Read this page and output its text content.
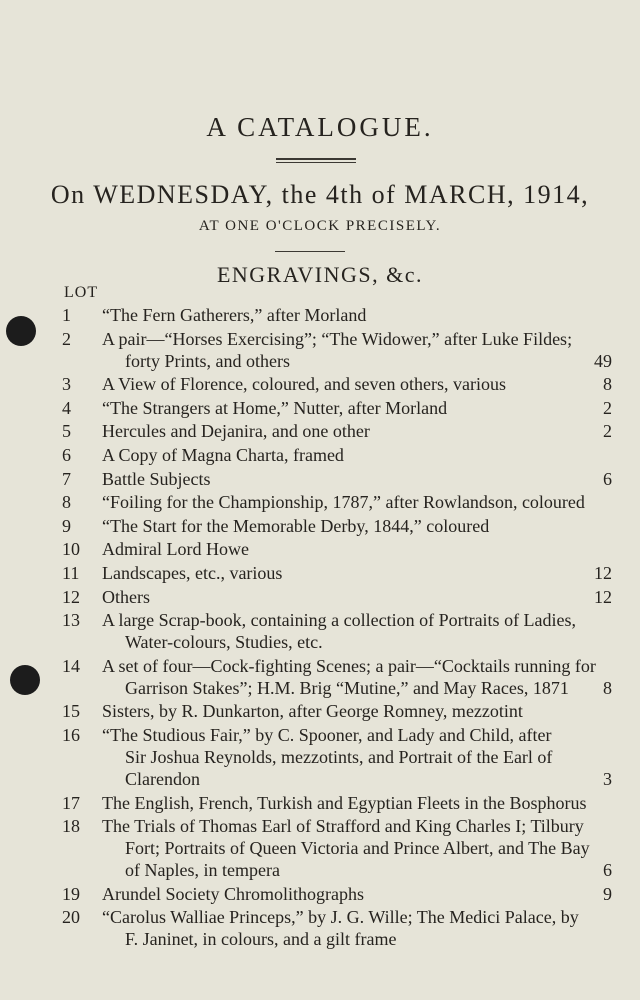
A CATALOGUE.
On WEDNESDAY, the 4th of MARCH, 1914,
AT ONE O'CLOCK PRECISELY.
ENGRAVINGS, &c.
LOT
1	“The Fern Gatherers,” after Morland
2	A pair—“Horses Exercising”; “The Widower,” after Luke Fildes;
forty Prints, and others	49
3	A View of Florence, coloured, and seven others, various	8
4	“The Strangers at Home,” Nutter, after Morland	2
5	Hercules and Dejanira, and one other	2
6	A Copy of Magna Charta, framed
7	Battle Subjects	6
8	“Foiling for the Championship, 1787,” after Rowlandson, coloured
9	“The Start for the Memorable Derby, 1844,” coloured
10	Admiral Lord Howe
11	Landscapes, etc., various	12
12	Others	12
13	A large Scrap-book, containing a collection of Portraits of Ladies,
Water-colours, Studies, etc.
14	A set of four—Cock-fighting Scenes; a pair—“Cocktails running for
Garrison Stakes”; H.M. Brig “Mutine,” and May Races, 1871	8
15	Sisters, by R. Dunkarton, after George Romney, mezzotint
16	“The Studious Fair,” by C. Spooner, and Lady and Child, after
Sir Joshua Reynolds, mezzotints, and Portrait of the Earl of
Clarendon	3
17	The English, French, Turkish and Egyptian Fleets in the Bosphorus
18	The Trials of Thomas Earl of Strafford and King Charles I; Tilbury
Fort; Portraits of Queen Victoria and Prince Albert, and The Bay
of Naples, in tempera	6
19	Arundel Society Chromolithographs	9
20	“Carolus Walliae Princeps,” by J. G. Wille; The Medici Palace, by
F. Janinet, in colours, and a gilt frame
